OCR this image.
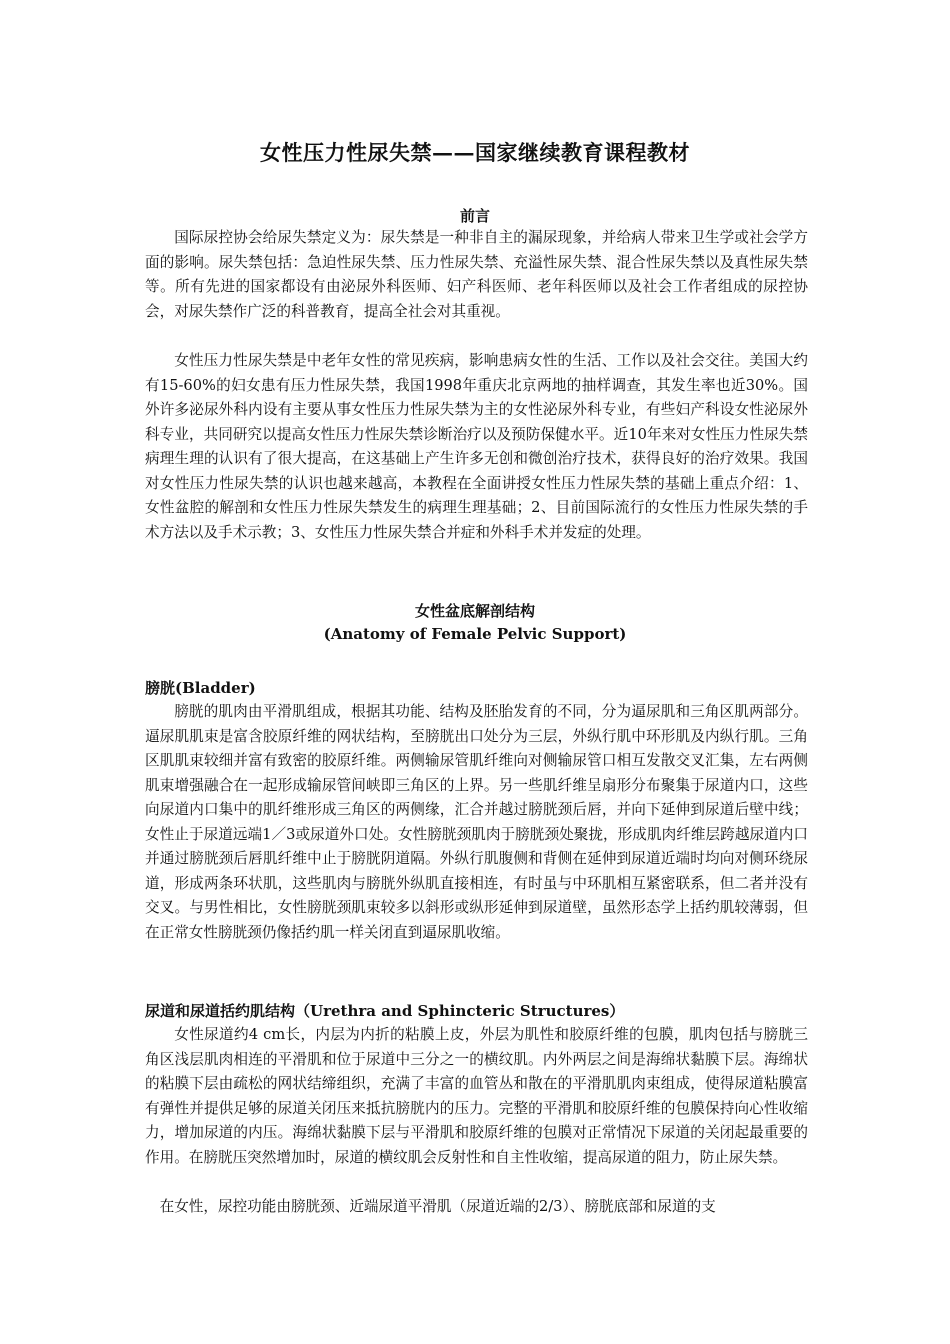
女性压力性尿失禁——国家继续教育课程教材
前言

国际尿控协会给尿失禁定义为：尿失禁是一种非自主的漏尿现象，并给病人带来卫生学或社会学方面的影响。尿失禁包括：急迫性尿失禁、压力性尿失禁、充溢性尿失禁、混合性尿失禁以及真性尿失禁等。所有先进的国家都设有由泌尿外科医师、妇产科医师、老年科医师以及社会工作者组成的尿控协会，对尿失禁作广泛的科普教育，提高全社会对其重视。

女性压力性尿失禁是中老年女性的常见疾病，影响患病女性的生活、工作以及社会交往。美国大约有15-60%的妇女患有压力性尿失禁，我国1998年重庆北京两地的抽样调查，其发生率也近30%。国外许多泌尿外科内设有主要从事女性压力性尿失禁为主的女性泌尿外科专业，有些妇产科设女性泌尿外科专业，共同研究以提高女性压力性尿失禁诊断治疗以及预防保健水平。近10年来对女性压力性尿失禁病理生理的认识有了很大提高，在这基础上产生许多无创和微创治疗技术，获得良好的治疗效果。我国对女性压力性尿失禁的认识也越来越高，本教程在全面讲授女性压力性尿失禁的基础上重点介绍：1、女性盆腔的解剖和女性压力性尿失禁发生的病理生理基础；2、目前国际流行的女性压力性尿失禁的手术方法以及手术示教；3、女性压力性尿失禁合并症和外科手术并发症的处理。

女性盆底解剖结构
(Anatomy of Female Pelvic Support)
膀胱(Bladder)

膀胱的肌肉由平滑肌组成，根据其功能、结构及胚胎发育的不同，分为逼尿肌和三角区肌两部分。逼尿肌肌束是富含胶原纤维的网状结构，至膀胱出口处分为三层，外纵行肌中环形肌及内纵行肌。三角区肌肌束较细并富有致密的胶原纤维。两侧输尿管肌纤维向对侧输尿管口相互发散交叉汇集，左右两侧肌束增强融合在一起形成输尿管间峡即三角区的上界。另一些肌纤维呈扇形分布聚集于尿道内口，这些向尿道内口集中的肌纤维形成三角区的两侧缘，汇合并越过膀胱颈后唇，并向下延伸到尿道后壁中线；女性止于尿道远端1／3或尿道外口处。女性膀胱颈肌肉于膀胱颈处聚拢，形成肌肉纤维层跨越尿道内口并通过膀胱颈后唇肌纤维中止于膀胱阴道隔。外纵行肌腹侧和背侧在延伸到尿道近端时均向对侧环绕尿道，形成两条环状肌，这些肌肉与膀胱外纵肌直接相连，有时虽与中环肌相互紧密联系，但二者并没有交叉。与男性相比，女性膀胱颈肌束较多以斜形或纵形延伸到尿道壁，虽然形态学上括约肌较薄弱，但在正常女性膀胱颈仍像括约肌一样关闭直到逼尿肌收缩。

尿道和尿道括约肌结构（Urethra and Sphincteric Structures）

女性尿道约4 cm长，内层为内折的粘膜上皮，外层为肌性和胶原纤维的包膜，肌肉包括与膀胱三角区浅层肌肉相连的平滑肌和位于尿道中三分之一的横纹肌。内外两层之间是海绵状黏膜下层。海绵状的粘膜下层由疏松的网状结缔组织，充满了丰富的血管丛和散在的平滑肌肌肉束组成，使得尿道粘膜富有弹性并提供足够的尿道关闭压来抵抗膀胱内的压力。完整的平滑肌和胶原纤维的包膜保持向心性收缩力，增加尿道的内压。海绵状黏膜下层与平滑肌和胶原纤维的包膜对正常情况下尿道的关闭起最重要的作用。在膀胱压突然增加时，尿道的横纹肌会反射性和自主性收缩，提高尿道的阻力，防止尿失禁。

在女性，尿控功能由膀胱颈、近端尿道平滑肌（尿道近端的2/3）、膀胱底部和尿道的支
